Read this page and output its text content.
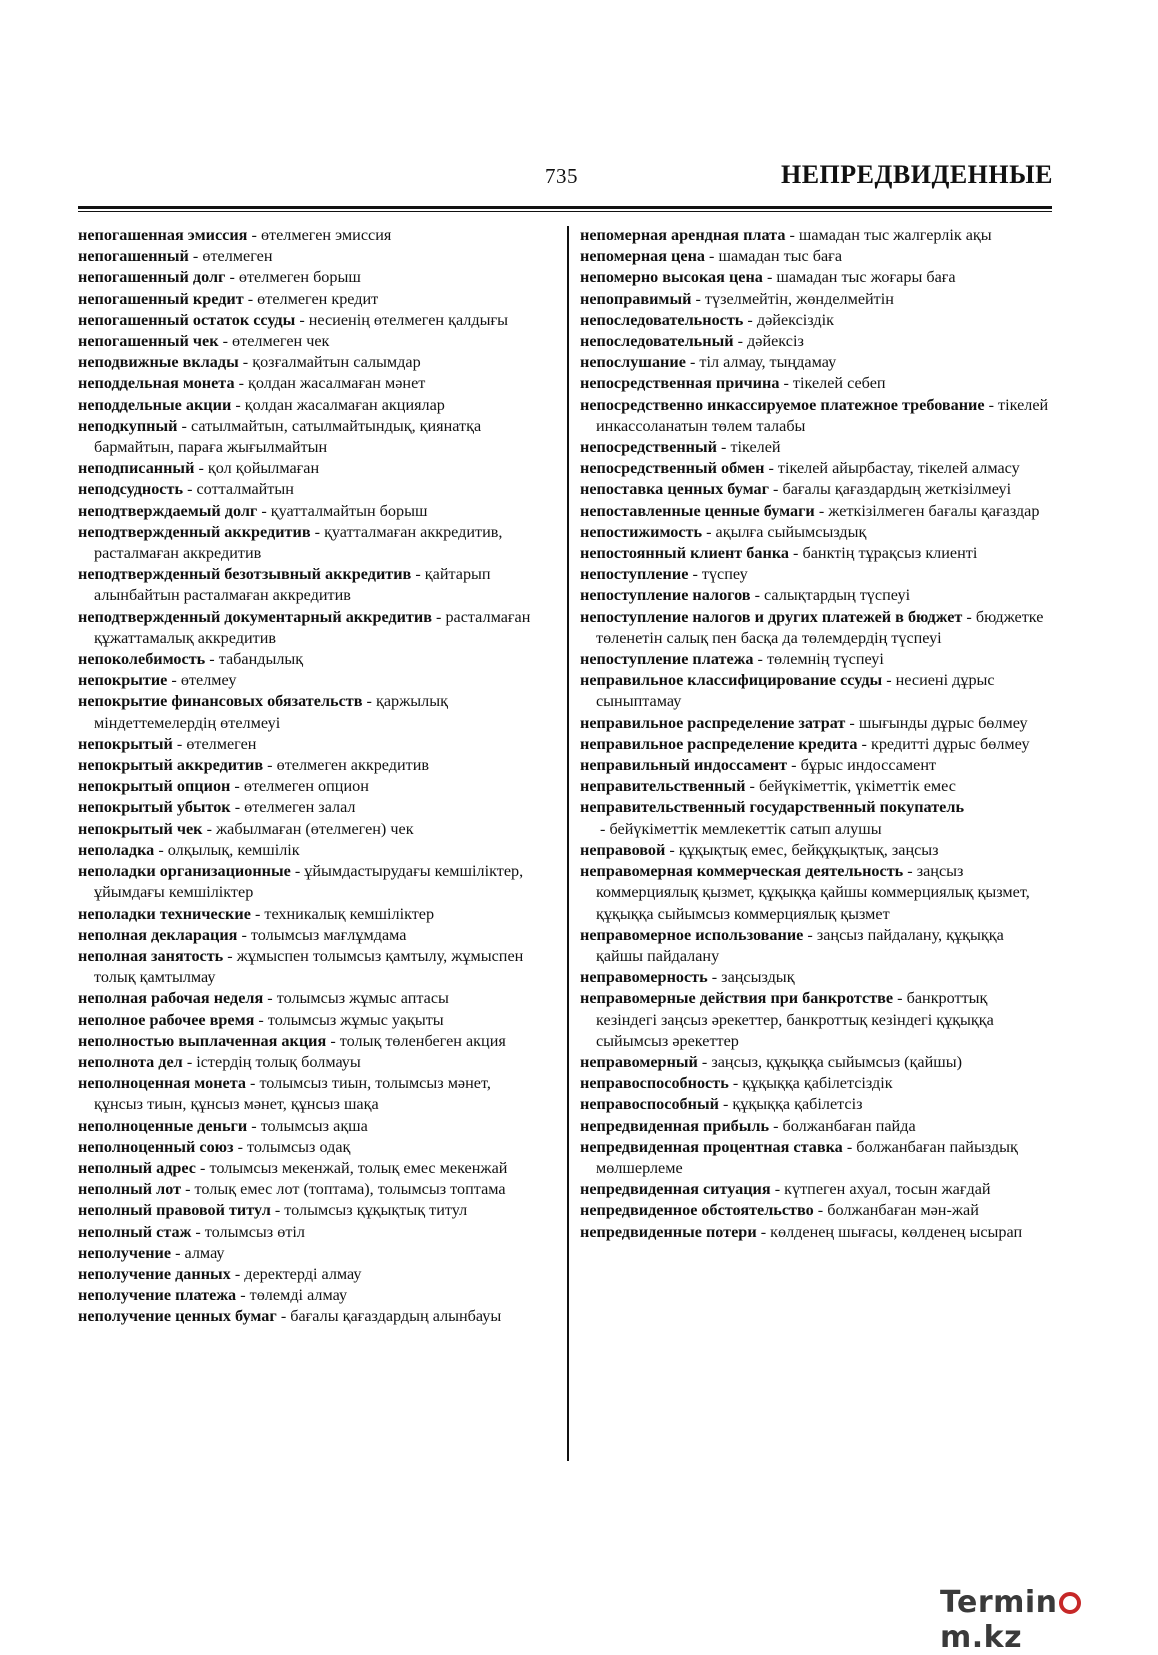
735	НЕПРЕДВИДЕННЫЕ

непогашенная эмиссия - өтелмеген эмиссия

непогашенный - өтелмеген

непогашенный долг - өтелмеген борыш

непогашенный кредит - өтелмеген кредит

непогашенный остаток ссуды - несиенің өтелмеген қалдығы

непогашенный чек - өтелмеген чек

неподвижные вклады - қозғалмайтын салымдар

неподдельная монета - қолдан жасалмаған мәнет

неподдельные акции - қолдан жасалмаған акциялар

неподкупный - сатылмайтын, сатылмайтындық, қиянатқа бармайтын, параға жығылмайтын

неподписанный - қол қойылмаған

неподсудность - сотталмайтын

неподтверждаемый долг - қуатталмайтын борыш

неподтвержденный аккредитив - қуатталмаған аккредитив, расталмаған аккредитив

неподтвержденный безотзывный аккредитив - қайтарып алынбайтын расталмаған аккредитив

неподтвержденный документарный аккредитив - расталмаған құжаттамалық аккредитив

непоколебимость - табандылық

непокрытие - өтелмеу

непокрытие финансовых обязательств - қаржылық міндеттемелердің өтелмеуі

непокрытый - өтелмеген

непокрытый аккредитив - өтелмеген аккредитив

непокрытый опцион - өтелмеген опцион

непокрытый убыток - өтелмеген залал

непокрытый чек - жабылмаған (өтелмеген) чек

неполадка - олқылық, кемшілік

неполадки организационные - ұйымдастырудағы кемшіліктер, ұйымдағы кемшіліктер

неполадки технические - техникалық кемшіліктер

неполная декларация - толымсыз мағлұмдама

неполная занятость - жұмыспен толымсыз қамтылу, жұмыспен толық қамтылмау

неполная рабочая неделя - толымсыз жұмыс аптасы

неполное рабочее время - толымсыз жұмыс уақыты

неполностью выплаченная акция - толық төленбеген акция

неполнота дел - істердің толық болмауы

неполноценная монета - толымсыз тиын, толымсыз мәнет, құнсыз тиын, құнсыз мәнет, құнсыз шақа

неполноценные деньги - толымсыз ақша

неполноценный союз - толымсыз одақ

неполный адрес - толымсыз мекенжай, толық емес мекенжай

неполный лот - толық емес лот (топтама), толымсыз топтама

неполный правовой титул - толымсыз құқықтық титул

неполный стаж - толымсыз өтіл

неполучение - алмау

неполучение данных - деректерді алмау

неполучение платежа - төлемді алмау

неполучение ценных бумаг - бағалы қағаздардың алынбауы

непомерная арендная плата - шамадан тыс жалгерлік ақы

непомерная цена - шамадан тыс баға

непомерно высокая цена - шамадан тыс жоғары баға

непоправимый - түзелмейтін, жөнделмейтін

непоследовательность - дәйексіздік

непоследовательный - дәйексіз

непослушание - тіл алмау, тыңдамау

непосредственная причина - тікелей себеп

непосредственно инкассируемое платежное требование - тікелей инкассоланатын төлем талабы

непосредственный - тікелей

непосредственный обмен - тікелей айырбастау, тікелей алмасу

непоставка ценных бумаг - бағалы қағаздардың жеткізілмеуі

непоставленные ценные бумаги - жеткізілмеген бағалы қағаздар

непостижимость - ақылға сыйымсыздық

непостоянный клиент банка - банктің тұрақсыз клиенті

непоступление - түспеу

непоступление налогов - салықтардың түспеуі

непоступление налогов и других платежей в бюджет - бюджетке төленетін салық пен басқа да төлемдердің түспеуі

непоступление платежа - төлемнің түспеуі

неправильное классифицирование ссуды - несиені дұрыс сыныптамау

неправильное распределение затрат - шығынды дұрыс бөлмеу

неправильное распределение кредита - кредитті дұрыс бөлмеу

неправильный индоссамент - бұрыс индоссамент

неправительственный - бейүкіметтік, үкіметтік емес

неправительственный государственный покупатель - бейүкіметтік мемлекеттік сатып алушы

неправовой - құқықтық емес, бейқұқықтық, заңсыз

неправомерная коммерческая деятельность - заңсыз коммерциялық қызмет, құқыққа қайшы коммерциялық қызмет, құқыққа сыйымсыз коммерциялық қызмет

неправомерное использование - заңсыз пайдалану, құқыққа қайшы пайдалану

неправомерность - заңсыздық

неправомерные действия при банкротстве - банкроттық кезіндегі заңсыз әрекеттер, банкроттық кезіндегі құқыққа сыйымсыз әрекеттер

неправомерный - заңсыз, құқыққа сыйымсыз (қайшы)

неправоспособность - құқыққа қабілетсіздік

неправоспособный - құқыққа қабілетсіз

непредвиденная прибыль - болжанбаған пайда

непредвиденная процентная ставка - болжанбаған пайыздық мөлшерлеме

непредвиденная ситуация - күтпеген ахуал, тосын жағдай

непредвиденное обстоятельство - болжанбаған мән-жай

непредвиденные потери - көлденең шығасы, көлденең ысырап

Terminm.kz
